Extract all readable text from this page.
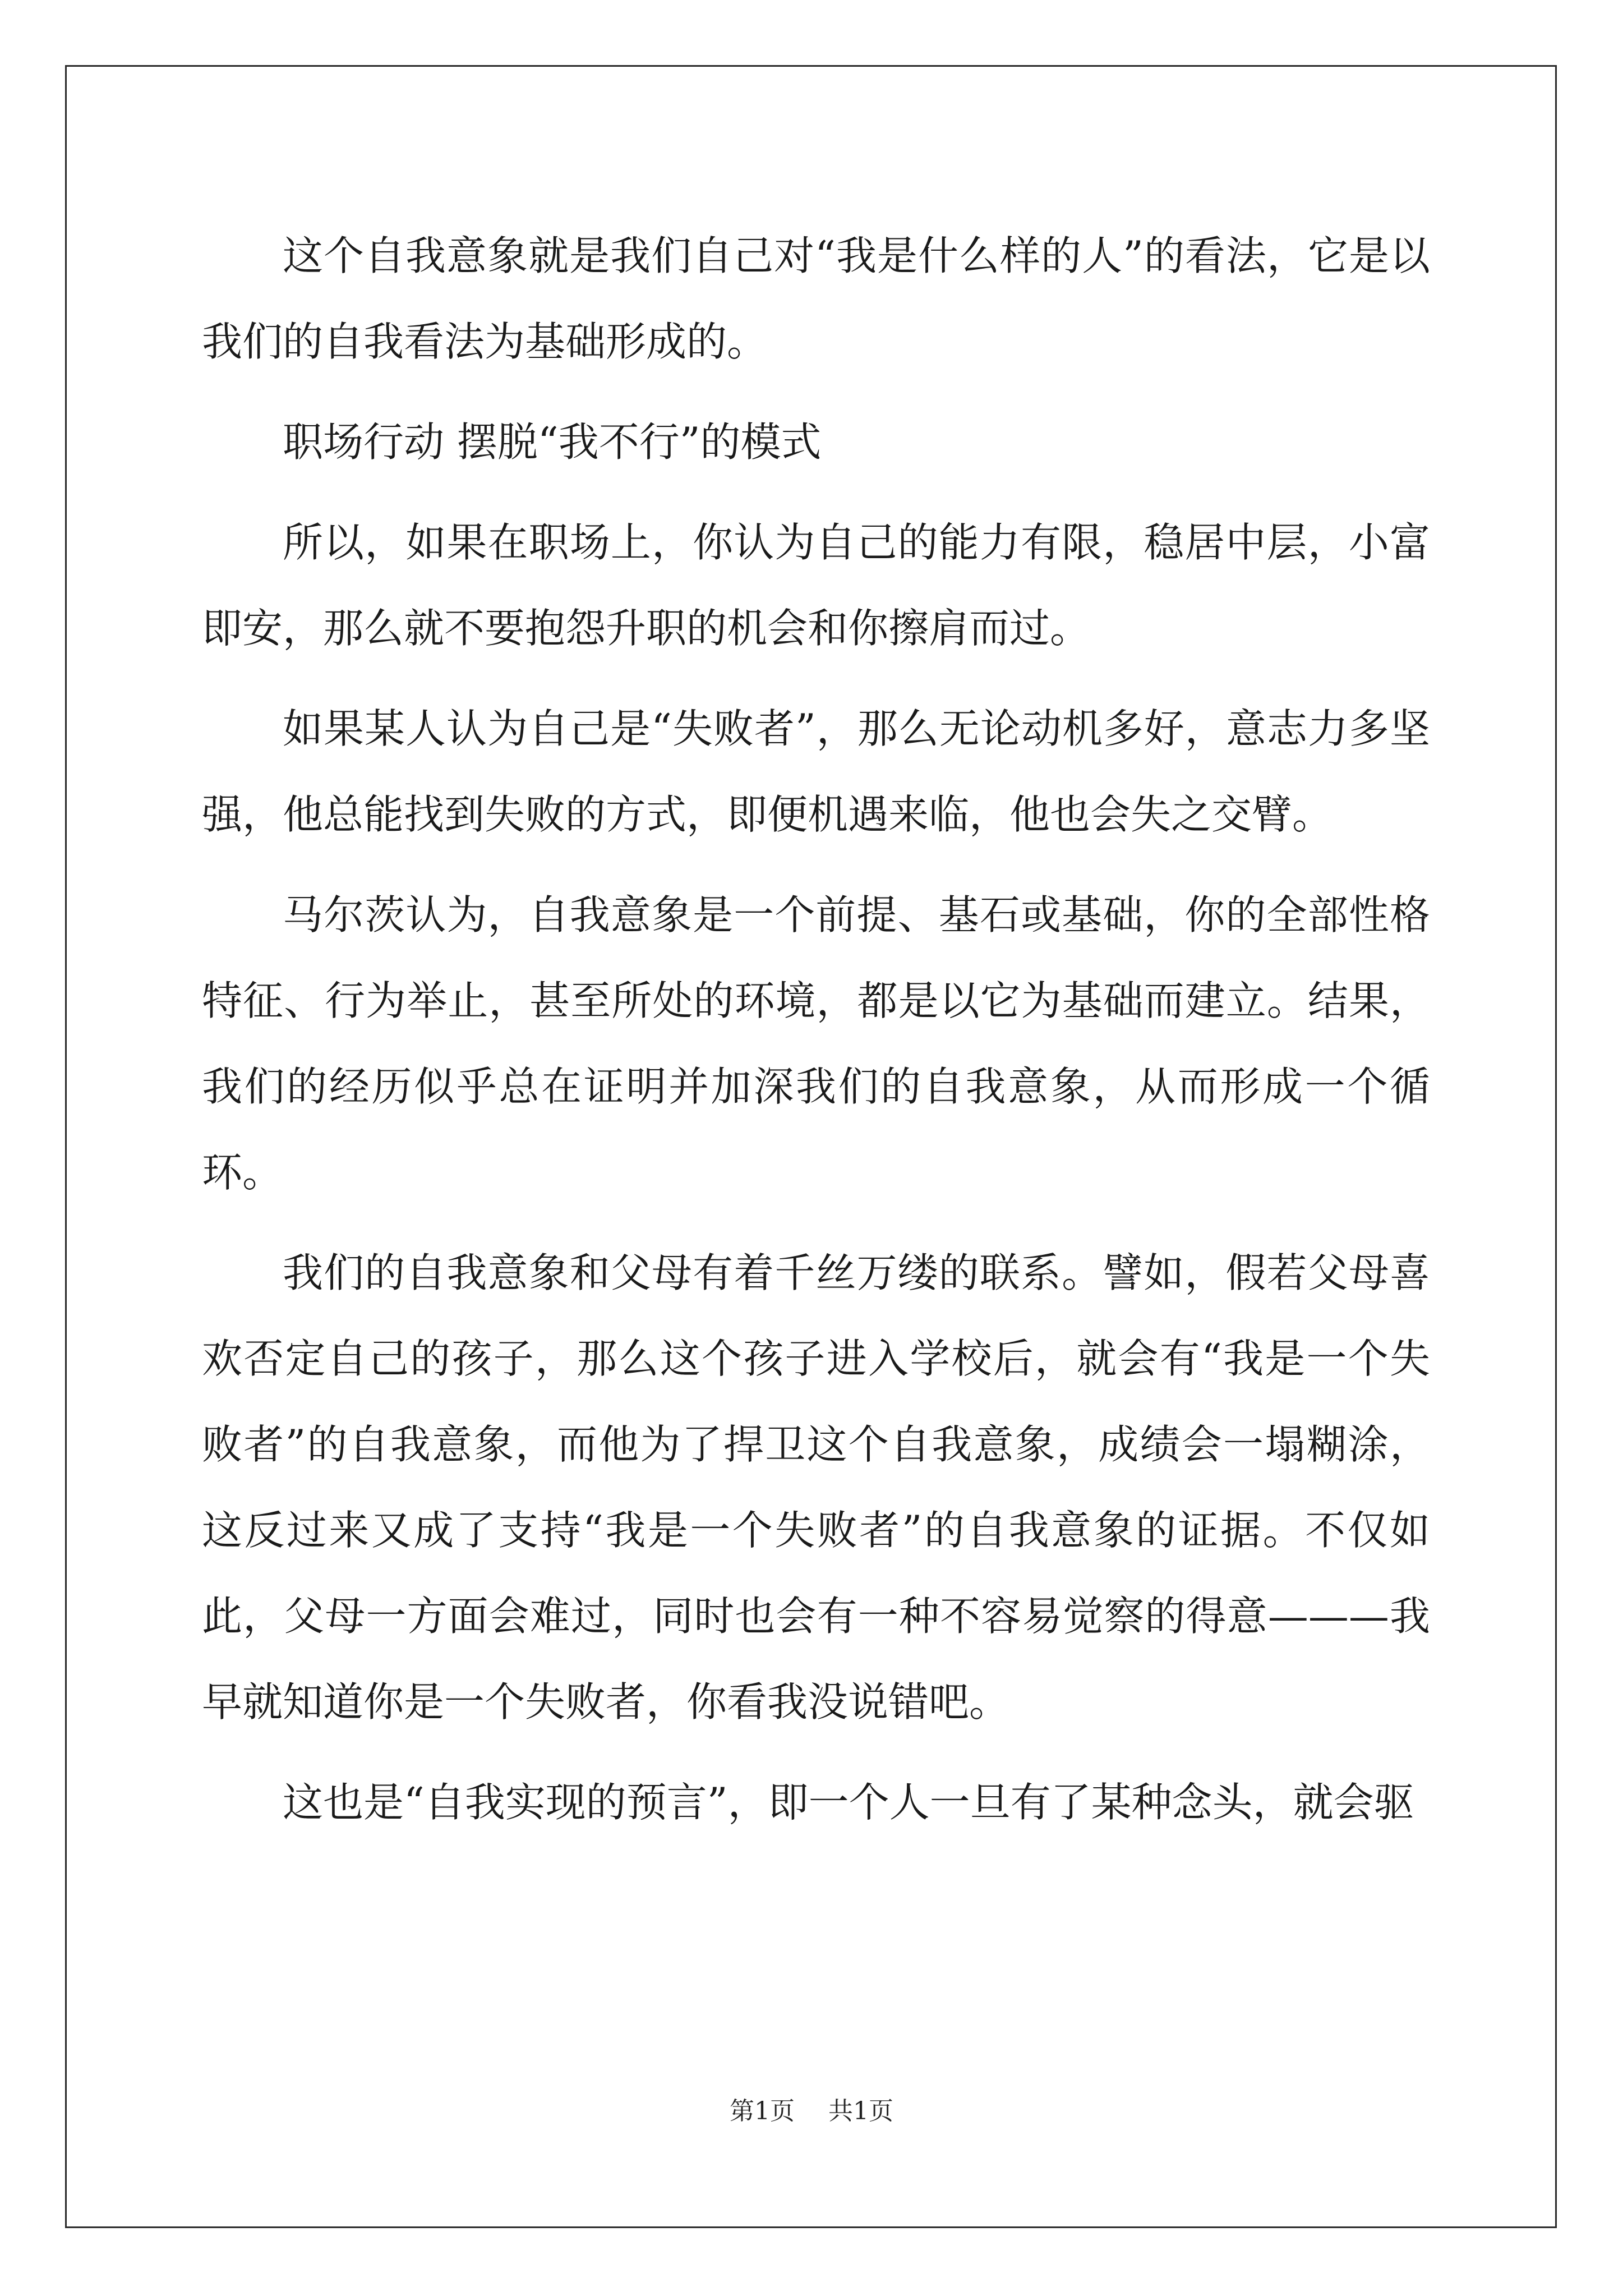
这个自我意象就是我们自己对“我是什么样的人”的看法，它是以我们的自我看法为基础形成的。

职场行动 摆脱“我不行”的模式

所以，如果在职场上，你认为自己的能力有限，稳居中层，小富即安，那么就不要抱怨升职的机会和你擦肩而过。

如果某人认为自己是“失败者”，那么无论动机多好，意志力多坚强，他总能找到失败的方式，即便机遇来临，他也会失之交臂。

马尔茨认为，自我意象是一个前提、基石或基础，你的全部性格特征、行为举止，甚至所处的环境，都是以它为基础而建立。结果，我们的经历似乎总在证明并加深我们的自我意象，从而形成一个循环。

我们的自我意象和父母有着千丝万缕的联系。譬如，假若父母喜欢否定自己的孩子，那么这个孩子进入学校后，就会有“我是一个失败者”的自我意象，而他为了捍卫这个自我意象，成绩会一塌糊涂，这反过来又成了支持“我是一个失败者”的自我意象的证据。不仅如此，父母一方面会难过，同时也会有一种不容易觉察的得意———我早就知道你是一个失败者，你看我没说错吧。

这也是“自我实现的预言”，即一个人一旦有了某种念头，就会驱

第1页 共1页
